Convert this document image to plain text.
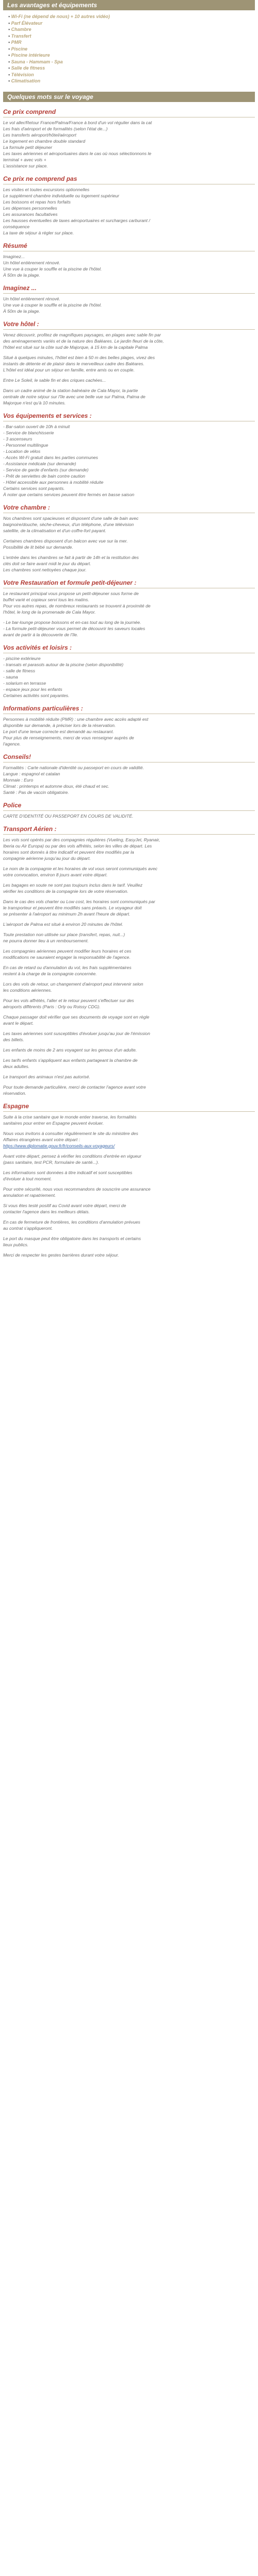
Les avantages et équipements
• Wi-Fi (ne dépend de nous) + 10 autres vidéo)
• Parf Élévateur
• Chambre
• Transfert
• PMR
• Piscine
• Piscine intérieure
• Sauna - Hammam - Spa
• Salle de fitness
• Télévision
• Climatisation
Quelques mots sur le voyage
Ce prix comprend
Le vol aller/Retour France/Palma/France à bord d'un vol régulier dans la cat
Les frais d'aéroport et de formalités (selon l'état de...)
Les transferts aéroport/hôtel/aéroport
Le logement en chambre double standard
La formule petit déjeuner
Les taxes aériennes et aéroportuaires dans le cas où nous sélectionnons le
terminal + avec vols +
L'assistance sur place.
Ce prix ne comprend pas
Les visites et toutes excursions optionnelles
Le supplément chambre individuelle ou logement supérieur
Les boissons et repas hors forfaits
Les dépenses personnelles
Les assurances facultatives
Les hausses éventuelles de taxes aéroportuaires et surcharges carburant /
conséquence
La taxe de séjour à régler sur place.
Résumé
Imaginez...
Un hôtel entièrement rénové.
Une vue à couper le souffle et la piscine de l'hôtel.
À 50m de la plage.
Imaginez ...
Un hôtel entièrement rénové.
Une vue à couper le souffle et la piscine de l'hôtel.
À 50m de la plage.
Votre hôtel :
Venez découvrir, profitez de magnifiques paysages, en plages avec sable fin par
des aménagements variés et de la nature des Baléares. Le jardin fleuri de la côte,
l'hôtel est situé sur la côte sud de Majorque, à 15 km de la capitale Palma
Situé à quelques minutes, l'hôtel est bien à 50 m des belles plages, vivez des
instants de détente et de plaisir dans le merveilleux cadre des Baléares.
L'hôtel est idéal pour un séjour en famille, entre amis ou en couple.
Entre Le Soleil, le sable fin et des criques cachées...
Dans un cadre animé de la station balnéaire de Cala Mayor, la partie
centrale de notre séjour sur l'île avec une belle vue sur Palma, Palma de
Majorque n'est qu'à 10 minutes.
Vos équipements et services :
- Bar-salon ouvert de 10h à minuit
- Service de blanchisserie
- 3 ascenseurs
- Personnel multilingue
- Location de vélos
- Accès Wi-Fi gratuit dans les parties communes
- Assistance médicale (sur demande)
- Service de garde d'enfants (sur demande)
- Prêt de serviettes de bain contre caution
- Hôtel accessible aux personnes à mobilité réduite
Certains services sont payants.
À noter que certains services peuvent être fermés en basse saison
Votre chambre :
Nos chambres sont spacieuses et disposent d'une salle de bain avec
baignoire/douche, sèche-cheveux, d'un téléphone, d'une télévision
satellite, de la climatisation et d'un coffre-fort payant.
Certaines chambres disposent d'un balcon avec vue sur la mer.
Possibilité de lit bébé sur demande.
L'entrée dans les chambres se fait à partir de 14h et la restitution des
clés doit se faire avant midi le jour du départ.
Les chambres sont nettoyées chaque jour.
Votre Restauration et formule petit-déjeuner :
Le restaurant principal vous propose un petit-déjeuner sous forme de
buffet varié et copieux servi tous les matins.
Pour vos autres repas, de nombreux restaurants se trouvent à proximité de
l'hôtel, le long de la promenade de Cala Mayor.
- Le bar-lounge propose boissons et en-cas tout au long de la journée.
- La formule petit-déjeuner vous permet de découvrir les saveurs locales
avant de partir à la découverte de l'île.
Vos activités et loisirs :
- piscine extérieure
- transats et parasols autour de la piscine (selon disponibilité)
- salle de fitness
- sauna
- solarium en terrasse
- espace jeux pour les enfants
Certaines activités sont payantes.
Informations particulières :
Personnes à mobilité réduite (PMR) : une chambre avec accès adapté est
disponible sur demande, à préciser lors de la réservation.
Le port d'une tenue correcte est demandé au restaurant.
Pour plus de renseignements, merci de vous renseigner auprès de
l'agence.
Conseils!
Formalités : Carte nationale d'identité ou passeport en cours de validité.
Langue : espagnol et catalan
Monnaie : Euro
Climat : printemps et automne doux, été chaud et sec.
Santé : Pas de vaccin obligatoire.
Police
CARTE D'IDENTITÉ OU PASSEPORT EN COURS DE VALIDITÉ.
Transport Aérien :
Les vols sont opérés par des compagnies régulières (Vueling, EasyJet, Ryanair,
Iberia ou Air Europa) ou par des vols affrétés, selon les villes de départ. Les
horaires sont donnés à titre indicatif et peuvent être modifiés par la
compagnie aérienne jusqu'au jour du départ.
Le nom de la compagnie et les horaires de vol vous seront communiqués avec
votre convocation, environ 8 jours avant votre départ.
Les bagages en soute ne sont pas toujours inclus dans le tarif. Veuillez
vérifier les conditions de la compagnie lors de votre réservation.
Dans le cas des vols charter ou Low cost, les horaires sont communiqués par
le transporteur et peuvent être modifiés sans préavis. Le voyageur doit
se présenter à l'aéroport au minimum 2h avant l'heure de départ.
L'aéroport de Palma est situé à environ 20 minutes de l'hôtel.
Toute prestation non utilisée sur place (transfert, repas, nuit...)
ne pourra donner lieu à un remboursement.
Les compagnies aériennes peuvent modifier leurs horaires et ces
modifications ne sauraient engager la responsabilité de l'agence.
En cas de retard ou d'annulation du vol, les frais supplémentaires
restent à la charge de la compagnie concernée.
Lors des vols de retour, un changement d'aéroport peut intervenir selon
les conditions aériennes.
Pour les vols affrétés, l'aller et le retour peuvent s'effectuer sur des
aéroports différents (Paris : Orly ou Roissy CDG).
Chaque passager doit vérifier que ses documents de voyage sont en règle
avant le départ.
Les taxes aériennes sont susceptibles d'évoluer jusqu'au jour de l'émission
des billets.
Les enfants de moins de 2 ans voyagent sur les genoux d'un adulte.
Les tarifs enfants s'appliquent aux enfants partageant la chambre de
deux adultes.
Le transport des animaux n'est pas autorisé.
Pour toute demande particulière, merci de contacter l'agence avant votre
réservation.
Espagne
Suite à la crise sanitaire que le monde entier traverse, les formalités
sanitaires pour entrer en Espagne peuvent évoluer.
Nous vous invitons à consulter régulièrement le site du ministère des
Affaires étrangères avant votre départ :
https://www.diplomatie.gouv.fr/fr/conseils-aux-voyageurs/
Avant votre départ, pensez à vérifier les conditions d'entrée en vigueur
(pass sanitaire, test PCR, formulaire de santé...).
Les informations sont données à titre indicatif et sont susceptibles
d'évoluer à tout moment.
Pour votre sécurité, nous vous recommandons de souscrire une assurance
annulation et rapatriement.
Si vous êtes testé positif au Covid avant votre départ, merci de
contacter l'agence dans les meilleurs délais.
En cas de fermeture de frontières, les conditions d'annulation prévues
au contrat s'appliqueront.
Le port du masque peut être obligatoire dans les transports et certains
lieux publics.
Merci de respecter les gestes barrières durant votre séjour.
